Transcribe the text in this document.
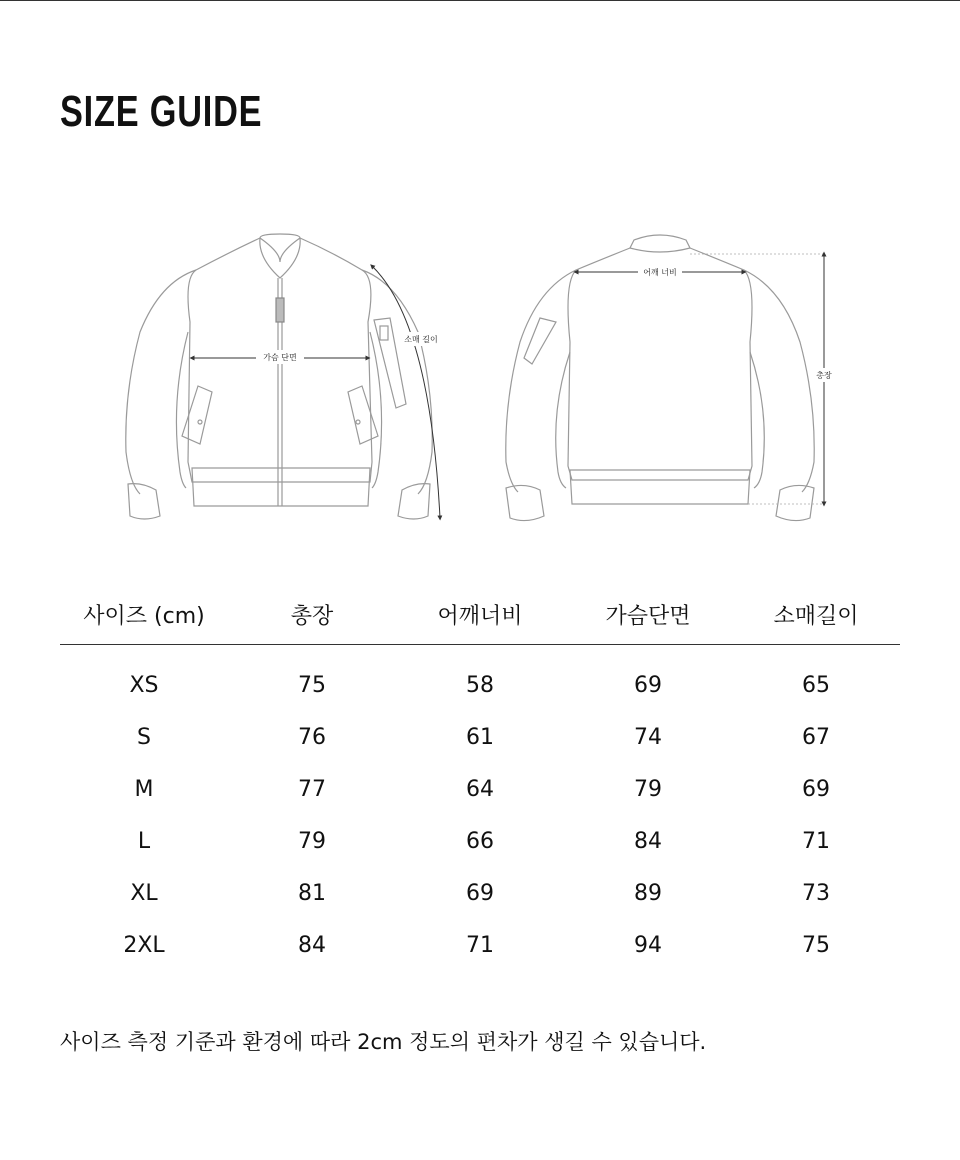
SIZE GUIDE
가슴 단면
소매 길이
어깨 너비
총장
사이즈 (cm)	총장	어깨너비	가슴단면	소매길이
XS	75	58	69	65
S	76	61	74	67
M	77	64	79	69
L	79	66	84	71
XL	81	69	89	73
2XL	84	71	94	75

사이즈 측정 기준과 환경에 따라 2cm 정도의 편차가 생길 수 있습니다.
